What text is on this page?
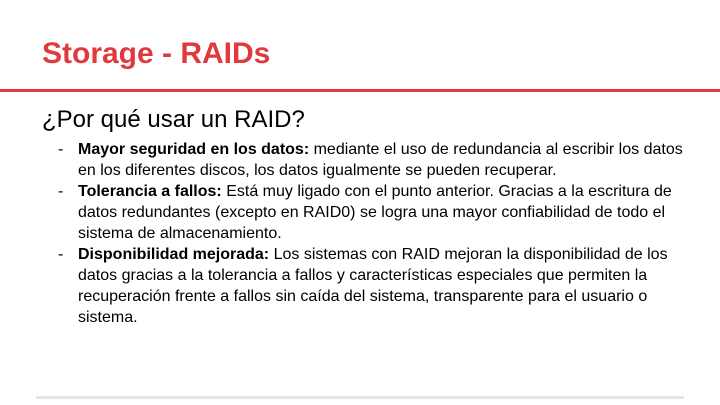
Storage - RAIDs
¿Por qué usar un RAID?
- Mayor seguridad en los datos: mediante el uso de redundancia al escribir los datos en los diferentes discos, los datos igualmente se pueden recuperar.
- Tolerancia a fallos: Está muy ligado con el punto anterior. Gracias a la escritura de datos redundantes (excepto en RAID0) se logra una mayor confiabilidad de todo el sistema de almacenamiento.
- Disponibilidad mejorada: Los sistemas con RAID mejoran la disponibilidad de los datos gracias a la tolerancia a fallos y características especiales que permiten la recuperación frente a fallos sin caída del sistema, transparente para el usuario o sistema.
